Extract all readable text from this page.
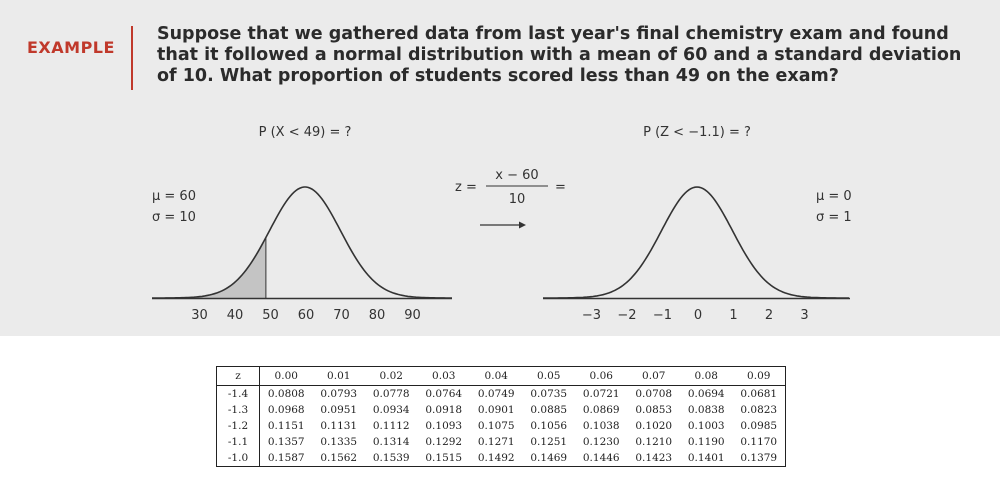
EXAMPLE
Suppose that we gathered data from last year's final chemistry exam and found that it followed a normal distribution with a mean of 60 and a standard deviation of 10. What proportion of students scored less than 49 on the exam?
P (X < 49) = ?
μ = 60
σ = 10
30 40 50 60 70 80 90
z =
x − 60
10
=
P (Z < −1.1) = ?
μ = 0
σ = 1
−3 −2 −1 0 1 2 3
z	0.00	0.01	0.02	0.03	0.04	0.05	0.06	0.07	0.08	0.09
-1.4	0.0808	0.0793	0.0778	0.0764	0.0749	0.0735	0.0721	0.0708	0.0694	0.0681
-1.3	0.0968	0.0951	0.0934	0.0918	0.0901	0.0885	0.0869	0.0853	0.0838	0.0823
-1.2	0.1151	0.1131	0.1112	0.1093	0.1075	0.1056	0.1038	0.1020	0.1003	0.0985
-1.1	0.1357	0.1335	0.1314	0.1292	0.1271	0.1251	0.1230	0.1210	0.1190	0.1170
-1.0	0.1587	0.1562	0.1539	0.1515	0.1492	0.1469	0.1446	0.1423	0.1401	0.1379
